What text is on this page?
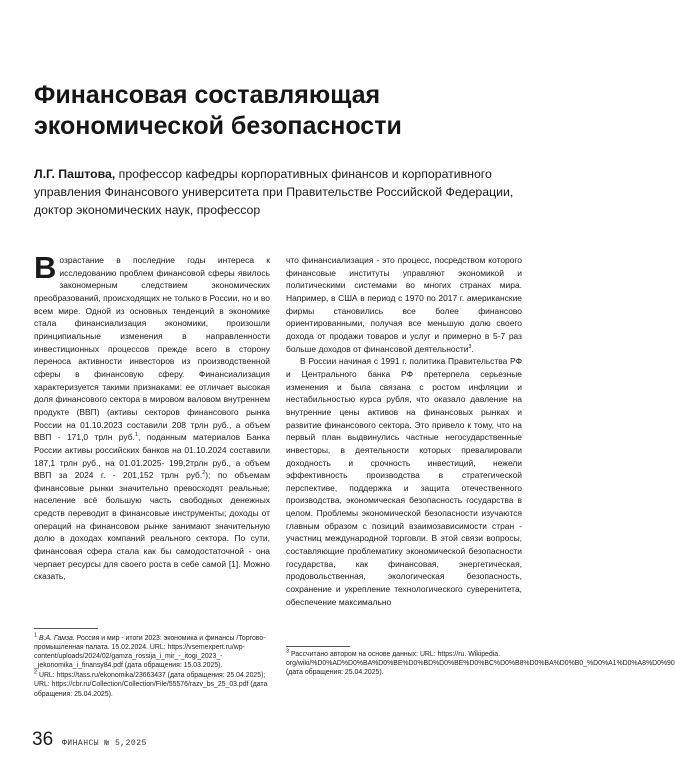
Финансовая составляющая экономической безопасности

Л.Г. Паштова, профессор кафедры корпоративных финансов и корпоративного управления Финансового университета при Правительстве Российской Федерации, доктор экономических наук, профессор

Возрастание в последние годы интереса к исследованию проблем финансовой сферы явилось закономерным следствием экономических преобразований, происходящих не только в России, но и во всем мире. Одной из основных тенденций в экономике стала финансиализация экономики, произошли принципиальные изменения в направленности инвестиционных процессов прежде всего в сторону переноса активности инвесторов из производственной сферы в финансовую сферу. Финансиализация характеризуется такими признаками: ее отличает высокая доля финансового сектора в мировом валовом внутреннем продукте (ВВП) (активы секторов финансового рынка России на 01.10.2023 составили 208 трлн руб., а объем ВВП - 171,0 трлн руб.$^1$, поданным материалов Банка России активы российских банков на 01.10.2024 составили 187,1 трлн руб., на 01.01.2025- 199,2трлн руб., а объем ВВП за 2024 г. - 201,152 трлн руб.$^2$); по объемам финансовые рынки значительно превосходят реальные; население всё большую часть свободных денежных средств переводит в финансовые инструменты; доходы от операций на финансовом рынке занимают значительную долю в доходах компаний реального сектора. По сути, финансовая сфера стала как бы самодостаточной - она черпает ресурсы для своего роста в себе самой [1]. Можно сказать,

что финансиализация - это процесс, посредством которого финансовые институты управляют экономикой и политическими системами во многих странах мира. Например, в США в период с 1970 по 2017 г. американские фирмы становились все более финансово ориентированными, получая все меньшую долю своего дохода от продажи товаров и услуг и примерно в 5-7 раз больше доходов от финансовой деятельности$^3$.

В России начиная с 1991 г. политика Правительства РФ и Центрального банка РФ претерпела серьезные изменения и была связана с ростом инфляции и нестабильностью курса рубля, что оказало давление на внутренние цены активов на финансовых рынках и развитие финансового сектора. Это привело к тому, что на первый план выдвинулись частные негосударственные инвесторы, в деятельности которых превалировали доходность и срочность инвестиций, нежели эффективность производства в стратегической перспективе, поддержка и защита отечественного производства, экономическая безопасность государства в целом. Проблемы экономической безопасности изучаются главным образом с позиций взаимозависимости стран - участниц международной торговли. В этой связи вопросы, составляющие проблематику экономической безопасности государства, как финансовая, энергетическая, продовольственная, экологическая безопасность, сохранение и укрепление технологического суверенитета, обеспечение максимально

$^1$ В.А. Гамза. Россия и мир - итоги 2023: экономика и финансы /Торгово-промышленная палата. 15.02.2024. URL: https://vsemexpert.ru/wp-content/uploads/2024/02/gamza_rossija_i_mir_-_itogi_2023_-_jekonomika_i_finansy84.pdf (дата обращения: 15.03.2025).

$^2$ URL: https://tass.ru/ekonomika/23663437 (дата обращения: 25.04.2025); URL: https://cbr.ru/Collection/Collection/File/55576/razv_bs_25_03.pdf (дата обращения: 25.04.2025).

$^3$ Рассчитано автором на основе данных: URL: https://ru. Wikipedia. org/wiki/%D0%AD%D0%BA%D0%BE%D0%BD%D0%BE%D0%BC%D0%B8%D0%BA%D0%B0_%D0%A1%D0%A8%D0%90 (дата обращения: 25.04.2025).

36 ФИНАНСЫ № 5,2025
